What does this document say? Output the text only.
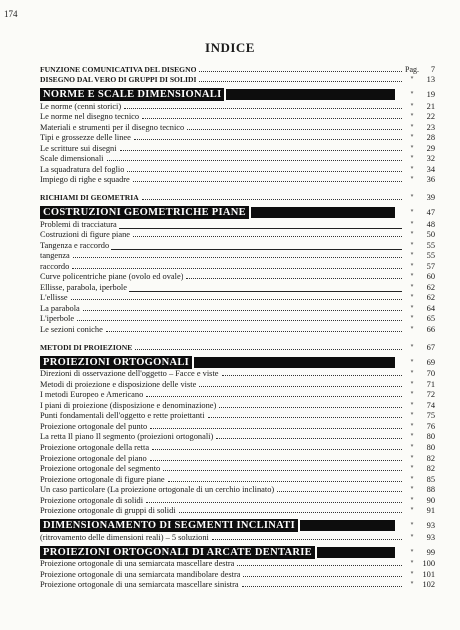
174
INDICE
FUNZIONE COMUNICATIVA DEL DISEGNO	Pag.	7
DISEGNO DAL VERO DI GRUPPI DI SOLIDI	"	13
NORME E SCALE DIMENSIONALI	"	19
Le norme (cenni storici)	"	21
Le norme nel disegno tecnico	"	22
Materiali e strumenti per il disegno tecnico	"	23
Tipi e grossezze delle linee	"	28
Le scritture sui disegni	"	29
Scale dimensionali	"	32
La squadratura del foglio	"	34
Impiego di righe e squadre	"	36
RICHIAMI DI GEOMETRIA	"	39
COSTRUZIONI GEOMETRICHE PIANE	"	47
Problemi di tracciatura	"	48
Costruzioni di figure piane	"	50
Tangenza e raccordo	"	55
tangenza	"	55
raccordo	"	57
Curve policentriche piane (ovolo ed ovale)	"	60
Ellisse, parabola, iperbole	"	62
L'ellisse	"	62
La parabola	"	64
L'iperbole	"	65
Le sezioni coniche	"	66
METODI DI PROIEZIONE	"	67
PROIEZIONI ORTOGONALI	"	69
Direzioni di osservazione dell'oggetto – Facce e viste	"	70
Metodi di proiezione e disposizione delle viste	"	71
I metodi Europeo e Americano	"	72
I piani di proiezione (disposizione e denominazione)	"	74
Punti fondamentali dell'oggetto e rette proiettanti	"	75
Proiezione ortogonale del punto	"	76
La retta Il piano Il segmento (proiezioni ortogonali)	"	80
Proiezione ortogonale della retta	"	80
Proiezione ortogonale del piano	"	82
Proiezione ortogonale del segmento	"	82
Proiezione ortogonale di figure piane	"	85
Un caso particolare (La proiezione ortogonale di un cerchio inclinato)	"	88
Proiezione ortogonale di solidi	"	90
Proiezione ortogonale di gruppi di solidi	"	91
DIMENSIONAMENTO DI SEGMENTI INCLINATI	"	93
(ritrovamento delle dimensioni reali) – 5 soluzioni	"	93
PROIEZIONI ORTOGONALI DI ARCATE DENTARIE	"	99
Proiezione ortogonale di una semiarcata mascellare destra	"	100
Proiezione ortogonale di una semiarcata mandibolare destra	"	101
Proiezione ortogonale di una semiarcata mascellare sinistra	"	102
